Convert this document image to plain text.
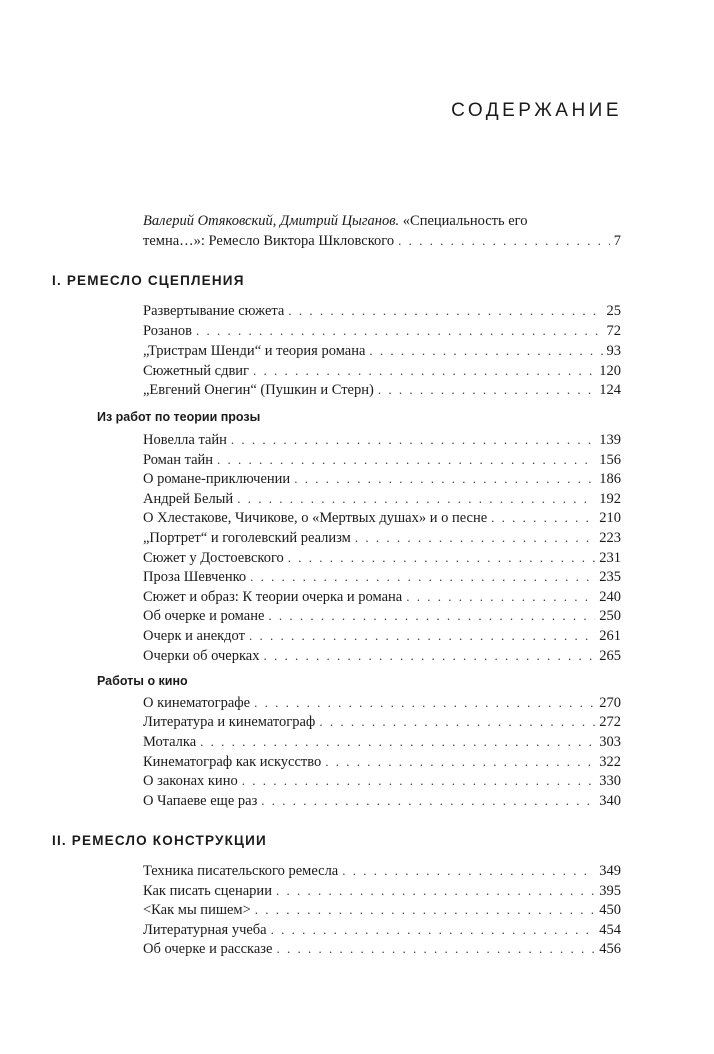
СОДЕРЖАНИЕ
Валерий Отяковский, Дмитрий Цыганов. «Специальность его
темна…»: Ремесло Виктора Шкловского . . .	7
I. РЕМЕСЛО СЦЕПЛЕНИЯ
Развертывание сюжета . . .	25
Розанов . . .	72
„Тристрам Шенди“ и теория романа . . .	93
Сюжетный сдвиг . . .	120
„Евгений Онегин“ (Пушкин и Стерн) . . .	124
Из работ по теории прозы
Новелла тайн . . .	139
Роман тайн . . .	156
О романе-приключении . . .	186
Андрей Белый . . .	192
О Хлестакове, Чичикове, о «Мертвых душах» и о песне . . .	210
„Портрет“ и гоголевский реализм . . .	223
Сюжет у Достоевского . . .	231
Проза Шевченко . . .	235
Сюжет и образ: К теории очерка и романа . . .	240
Об очерке и романе . . .	250
Очерк и анекдот . . .	261
Очерки об очерках . . .	265
Работы о кино
О кинематографе . . .	270
Литература и кинематограф . . .	272
Моталка . . .	303
Кинематограф как искусство . . .	322
О законах кино . . .	330
О Чапаеве еще раз . . .	340
II. РЕМЕСЛО КОНСТРУКЦИИ
Техника писательского ремесла . . .	349
Как писать сценарии . . .	395
<Как мы пишем> . . .	450
Литературная учеба . . .	454
Об очерке и рассказе . . .	456
